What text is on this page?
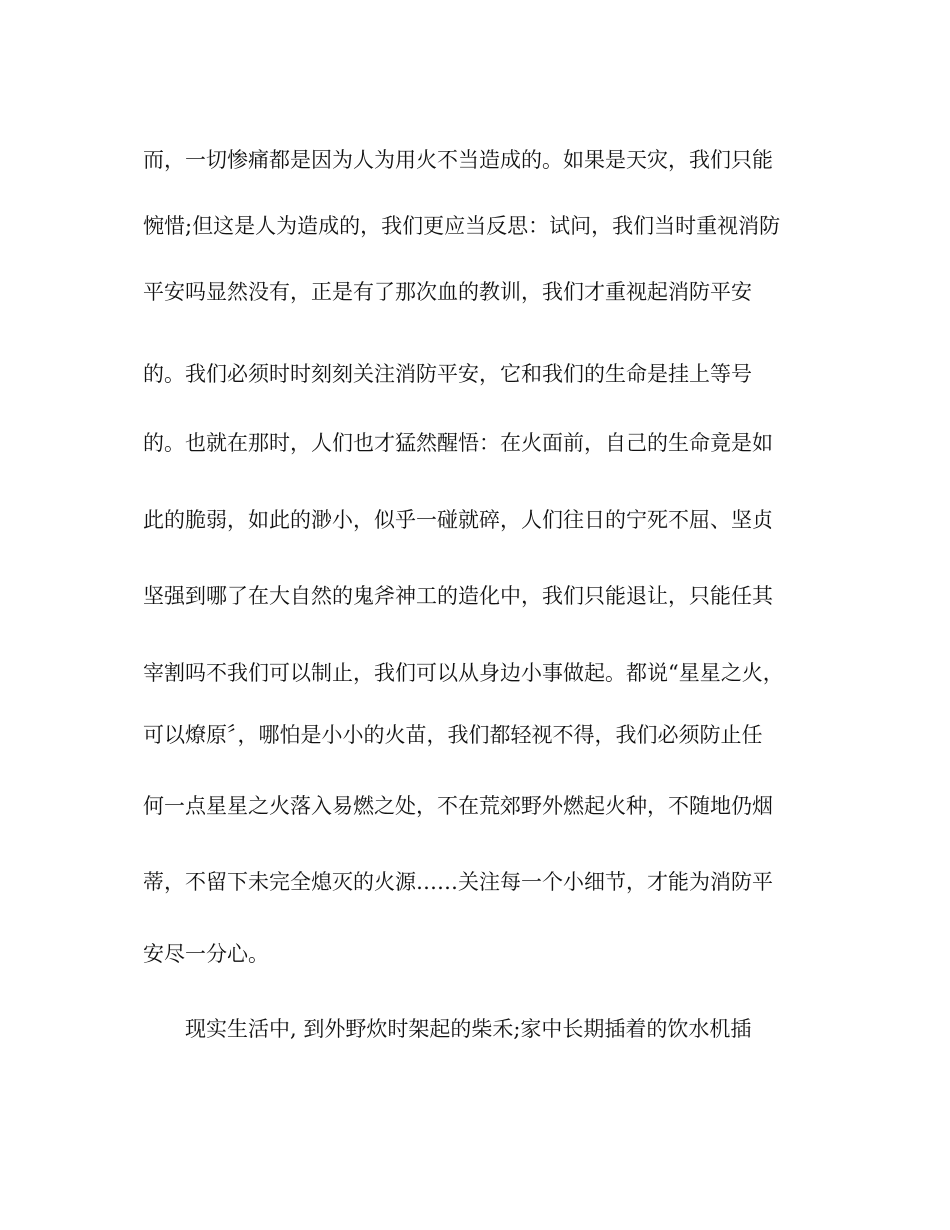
而，一切惨痛都是因为人为用火不当造成的。如果是天灾，我们只能
惋惜;但这是人为造成的，我们更应当反思：试问，我们当时重视消防
平安吗显然没有，正是有了那次血的教训，我们才重视起消防平安
的。我们必须时时刻刻关注消防平安，它和我们的生命是挂上等号
的。也就在那时，人们也才猛然醒悟：在火面前，自己的生命竟是如
此的脆弱，如此的渺小，似乎一碰就碎，人们往日的宁死不屈、坚贞
坚强到哪了在大自然的鬼斧神工的造化中，我们只能退让，只能任其
宰割吗不我们可以制止，我们可以从身边小事做起。都说“星星之火，
可以燎原〞，哪怕是小小的火苗，我们都轻视不得，我们必须防止任
何一点星星之火落入易燃之处，不在荒郊野外燃起火种，不随地仍烟
蒂，不留下未完全熄灭的火源……关注每一个小细节，才能为消防平
安尽一分心。
现实生活中, 到外野炊时架起的柴禾;家中长期插着的饮水机插
